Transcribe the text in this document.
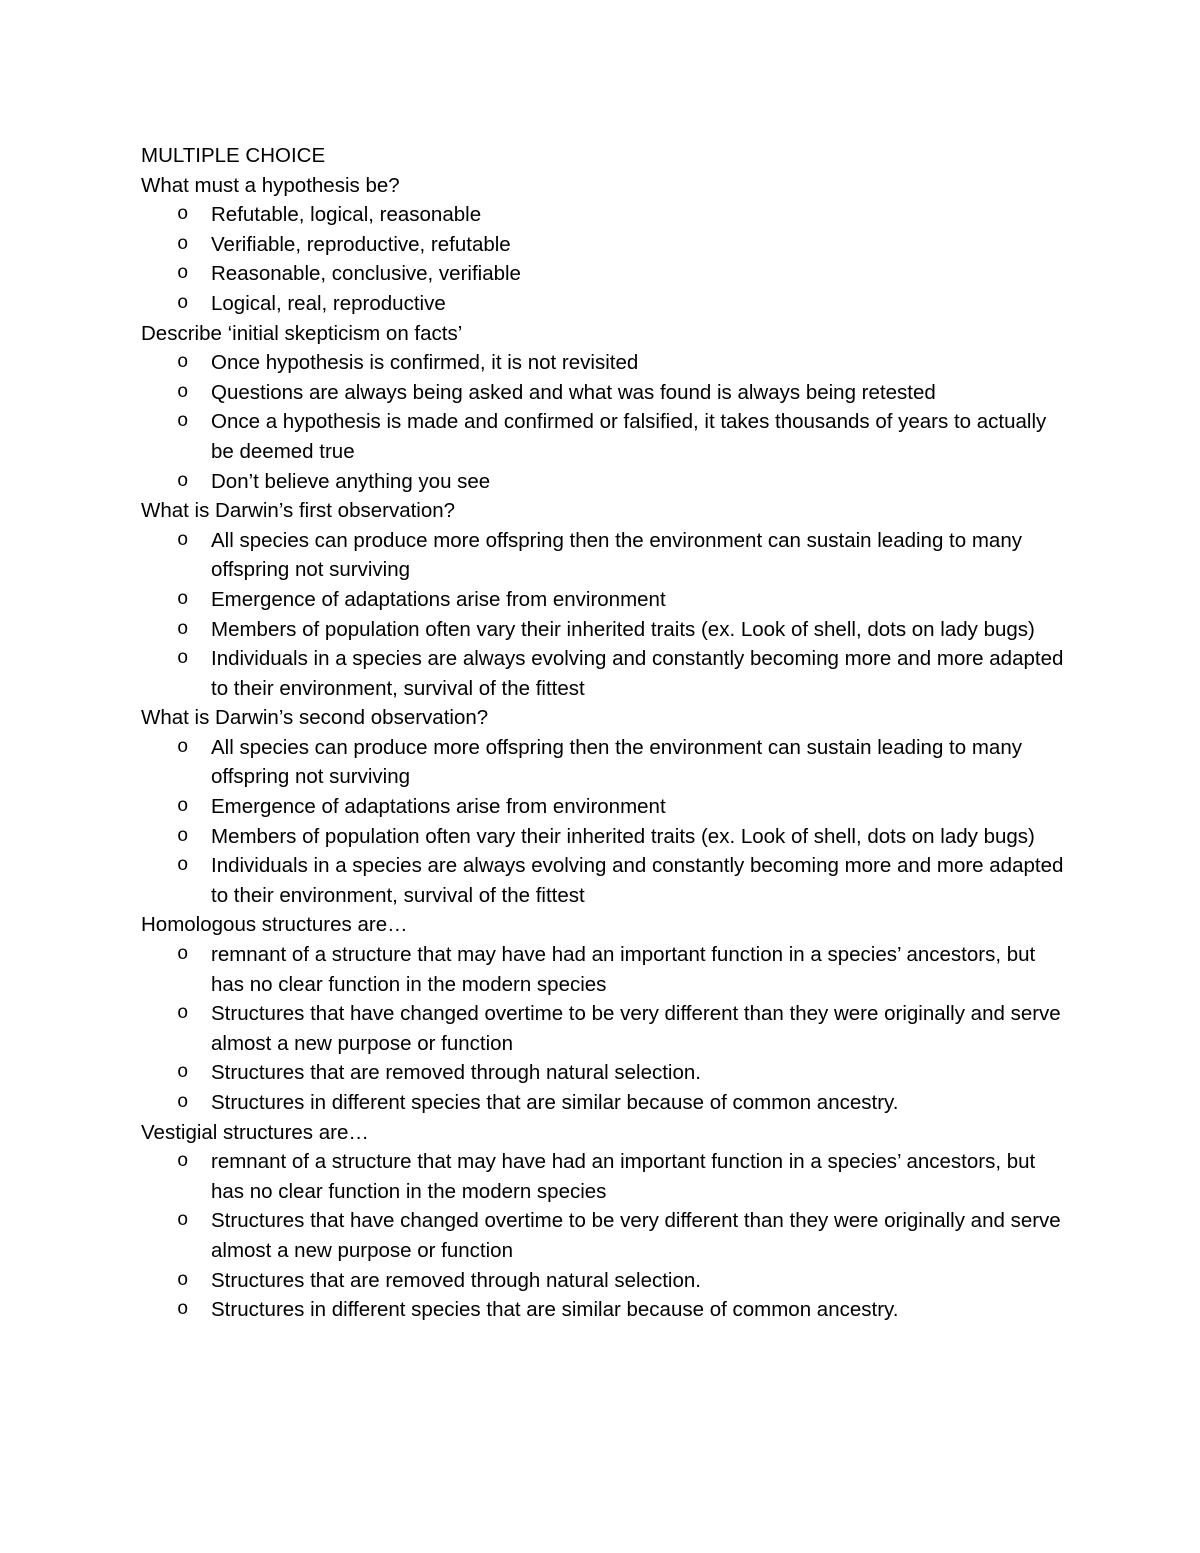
MULTIPLE CHOICE
What must a hypothesis be?
o Refutable, logical, reasonable
o Verifiable, reproductive, refutable
o Reasonable, conclusive, verifiable
o Logical, real, reproductive
Describe ‘initial skepticism on facts’
o Once hypothesis is confirmed, it is not revisited
o Questions are always being asked and what was found is always being retested
o Once a hypothesis is made and confirmed or falsified, it takes thousands of years to actually be deemed true
o Don’t believe anything you see
What is Darwin’s first observation?
o All species can produce more offspring then the environment can sustain leading to many offspring not surviving
o Emergence of adaptations arise from environment
o Members of population often vary their inherited traits (ex. Look of shell, dots on lady bugs)
o Individuals in a species are always evolving and constantly becoming more and more adapted to their environment, survival of the fittest
What is Darwin’s second observation?
o All species can produce more offspring then the environment can sustain leading to many offspring not surviving
o Emergence of adaptations arise from environment
o Members of population often vary their inherited traits (ex. Look of shell, dots on lady bugs)
o Individuals in a species are always evolving and constantly becoming more and more adapted to their environment, survival of the fittest
Homologous structures are…
o remnant of a structure that may have had an important function in a species’ ancestors, but has no clear function in the modern species
o Structures that have changed overtime to be very different than they were originally and serve almost a new purpose or function
o Structures that are removed through natural selection.
o Structures in different species that are similar because of common ancestry.
Vestigial structures are…
o remnant of a structure that may have had an important function in a species’ ancestors, but has no clear function in the modern species
o Structures that have changed overtime to be very different than they were originally and serve almost a new purpose or function
o Structures that are removed through natural selection.
o Structures in different species that are similar because of common ancestry.
